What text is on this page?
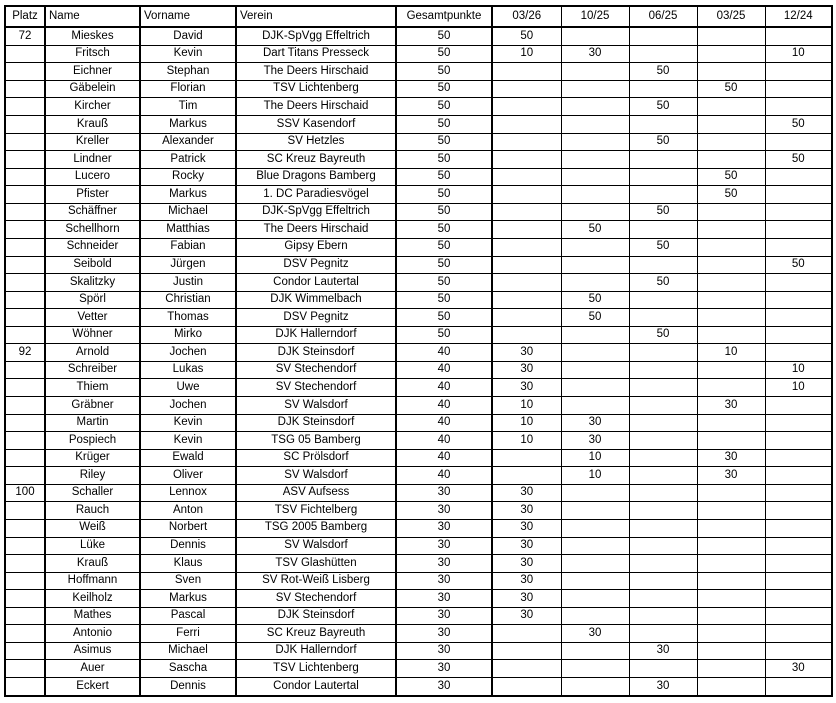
Platz	Name	Vorname	Verein	Gesamtpunkte	03/26	10/25	06/25	03/25	12/24
72	Mieskes	David	DJK-SpVgg Effeltrich	50	50				
	Fritsch	Kevin	Dart Titans Presseck	50	10	30			10
	Eichner	Stephan	The Deers Hirschaid	50			50		
	Gäbelein	Florian	TSV Lichtenberg	50				50	
	Kircher	Tim	The Deers Hirschaid	50			50		
	Krauß	Markus	SSV Kasendorf	50					50
	Kreller	Alexander	SV Hetzles	50			50		
	Lindner	Patrick	SC Kreuz Bayreuth	50					50
	Lucero	Rocky	Blue Dragons Bamberg	50				50	
	Pfister	Markus	1. DC Paradiesvögel	50				50	
	Schäffner	Michael	DJK-SpVgg Effeltrich	50			50		
	Schellhorn	Matthias	The Deers Hirschaid	50		50			
	Schneider	Fabian	Gipsy Ebern	50			50		
	Seibold	Jürgen	DSV Pegnitz	50					50
	Skalitzky	Justin	Condor Lautertal	50			50		
	Spörl	Christian	DJK Wimmelbach	50		50			
	Vetter	Thomas	DSV Pegnitz	50		50			
	Wöhner	Mirko	DJK Hallerndorf	50			50		
92	Arnold	Jochen	DJK Steinsdorf	40	30			10	
	Schreiber	Lukas	SV Stechendorf	40	30				10
	Thiem	Uwe	SV Stechendorf	40	30				10
	Gräbner	Jochen	SV Walsdorf	40	10			30	
	Martin	Kevin	DJK Steinsdorf	40	10	30			
	Pospiech	Kevin	TSG 05 Bamberg	40	10	30			
	Krüger	Ewald	SC Prölsdorf	40		10		30	
	Riley	Oliver	SV Walsdorf	40		10		30	
100	Schaller	Lennox	ASV Aufsess	30	30				
	Rauch	Anton	TSV Fichtelberg	30	30				
	Weiß	Norbert	TSG 2005 Bamberg	30	30				
	Lüke	Dennis	SV Walsdorf	30	30				
	Krauß	Klaus	TSV Glashütten	30	30				
	Hoffmann	Sven	SV Rot-Weiß Lisberg	30	30				
	Keilholz	Markus	SV Stechendorf	30	30				
	Mathes	Pascal	DJK Steinsdorf	30	30				
	Antonio	Ferri	SC Kreuz Bayreuth	30		30			
	Asimus	Michael	DJK Hallerndorf	30			30		
	Auer	Sascha	TSV Lichtenberg	30					30
	Eckert	Dennis	Condor Lautertal	30			30		
